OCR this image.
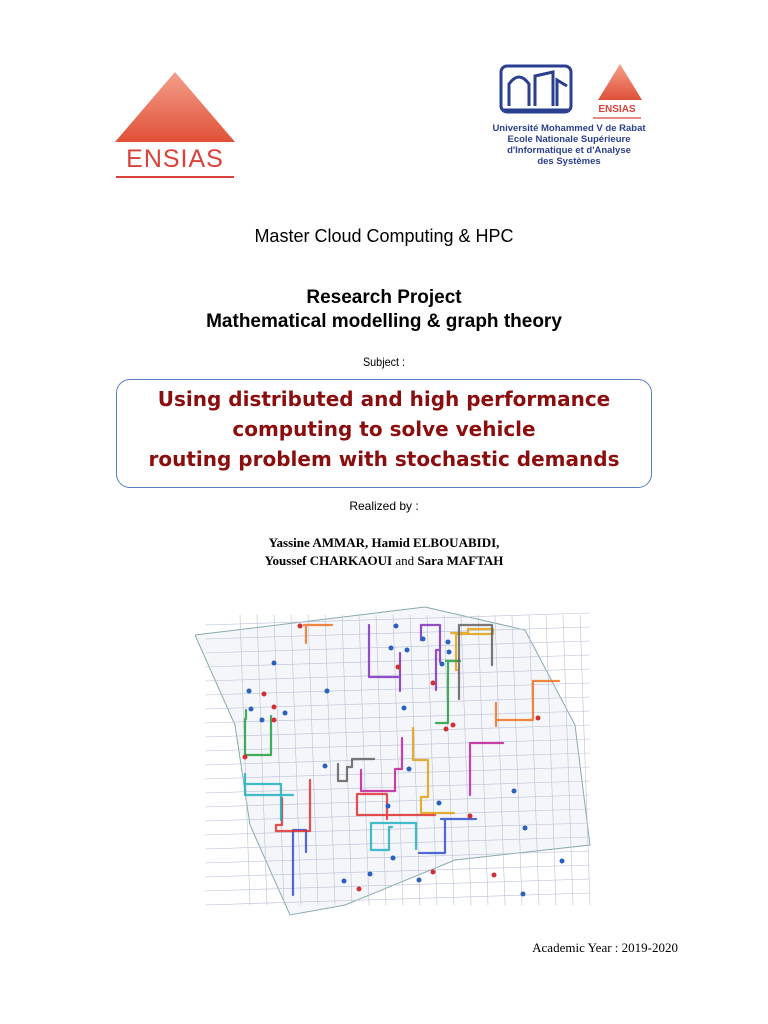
ENSIAS
ENSIAS
Université Mohammed V de Rabat
Ecole Nationale Supérieure
d'Informatique et d'Analyse
des Systèmes
Master Cloud Computing & HPC
Research Project
Mathematical modelling & graph theory
Subject :
Using distributed and high performance
computing to solve vehicle
routing problem with stochastic demands
Realized by :
Yassine AMMAR, Hamid ELBOUABIDI,
Youssef CHARKAOUI and Sara MAFTAH
Academic Year : 2019-2020
